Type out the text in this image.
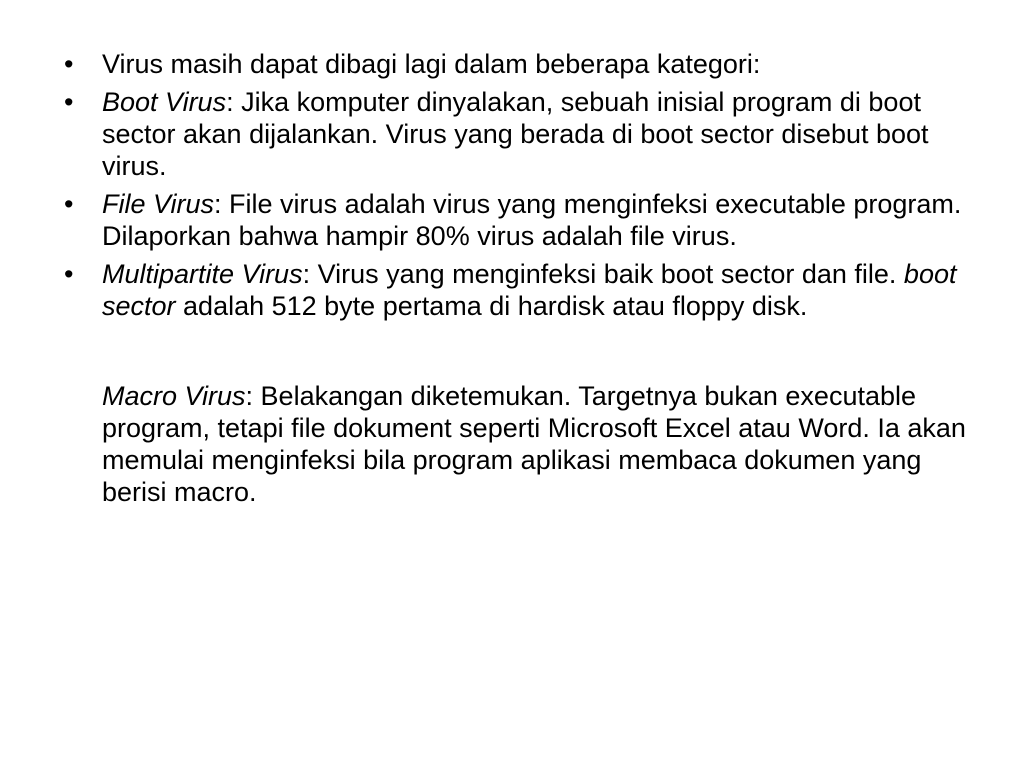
•	Virus masih dapat dibagi lagi dalam beberapa kategori:
•	Boot Virus: Jika komputer dinyalakan, sebuah inisial program di boot sector akan dijalankan. Virus yang berada di boot sector disebut boot virus.
•	File Virus: File virus adalah virus yang menginfeksi executable program. Dilaporkan bahwa hampir 80% virus adalah file virus.
•	Multipartite Virus: Virus yang menginfeksi baik boot sector dan file. boot sector adalah 512 byte pertama di hardisk atau floppy disk.
Macro Virus: Belakangan diketemukan. Targetnya bukan executable program, tetapi file dokument seperti Microsoft Excel atau Word. Ia akan memulai menginfeksi bila program aplikasi membaca dokumen yang berisi macro.
